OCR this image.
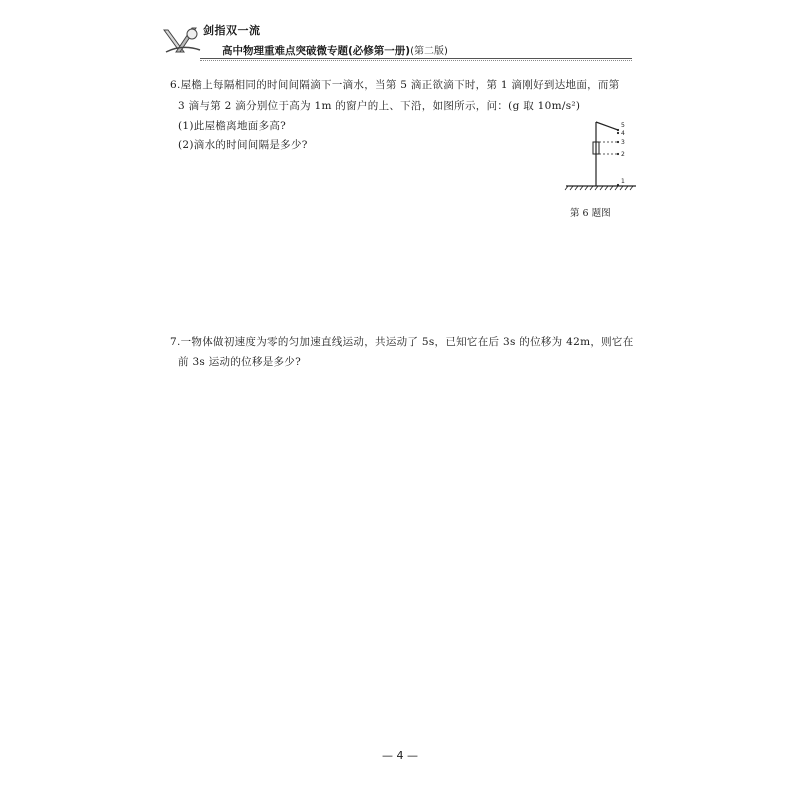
剑指双一流
高中物理重难点突破微专题(必修第一册)(第二版)
6.屋檐上每隔相同的时间间隔滴下一滴水，当第 5 滴正欲滴下时，第 1 滴刚好到达地面，而第
3 滴与第 2 滴分别位于高为 1m 的窗户的上、下沿，如图所示，问：(g 取 10m/s²)
(1)此屋檐离地面多高?
(2)滴水的时间间隔是多少?
5
4
3
2
1
第 6 题图
7.一物体做初速度为零的匀加速直线运动，共运动了 5s，已知它在后 3s 的位移为 42m，则它在
前 3s 运动的位移是多少?
— 4 —
